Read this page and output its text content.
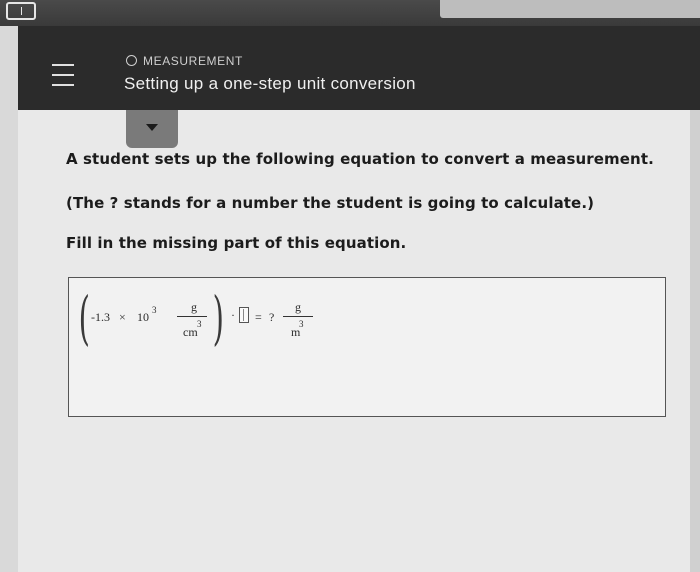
MEASUREMENT
Setting up a one-step unit conversion
A student sets up the following equation to convert a measurement.
(The ? stands for a number the student is going to calculate.)
Fill in the missing part of this equation.
( -1.3 × 10 3	g
3
cm ) · = ?
g
3
m
